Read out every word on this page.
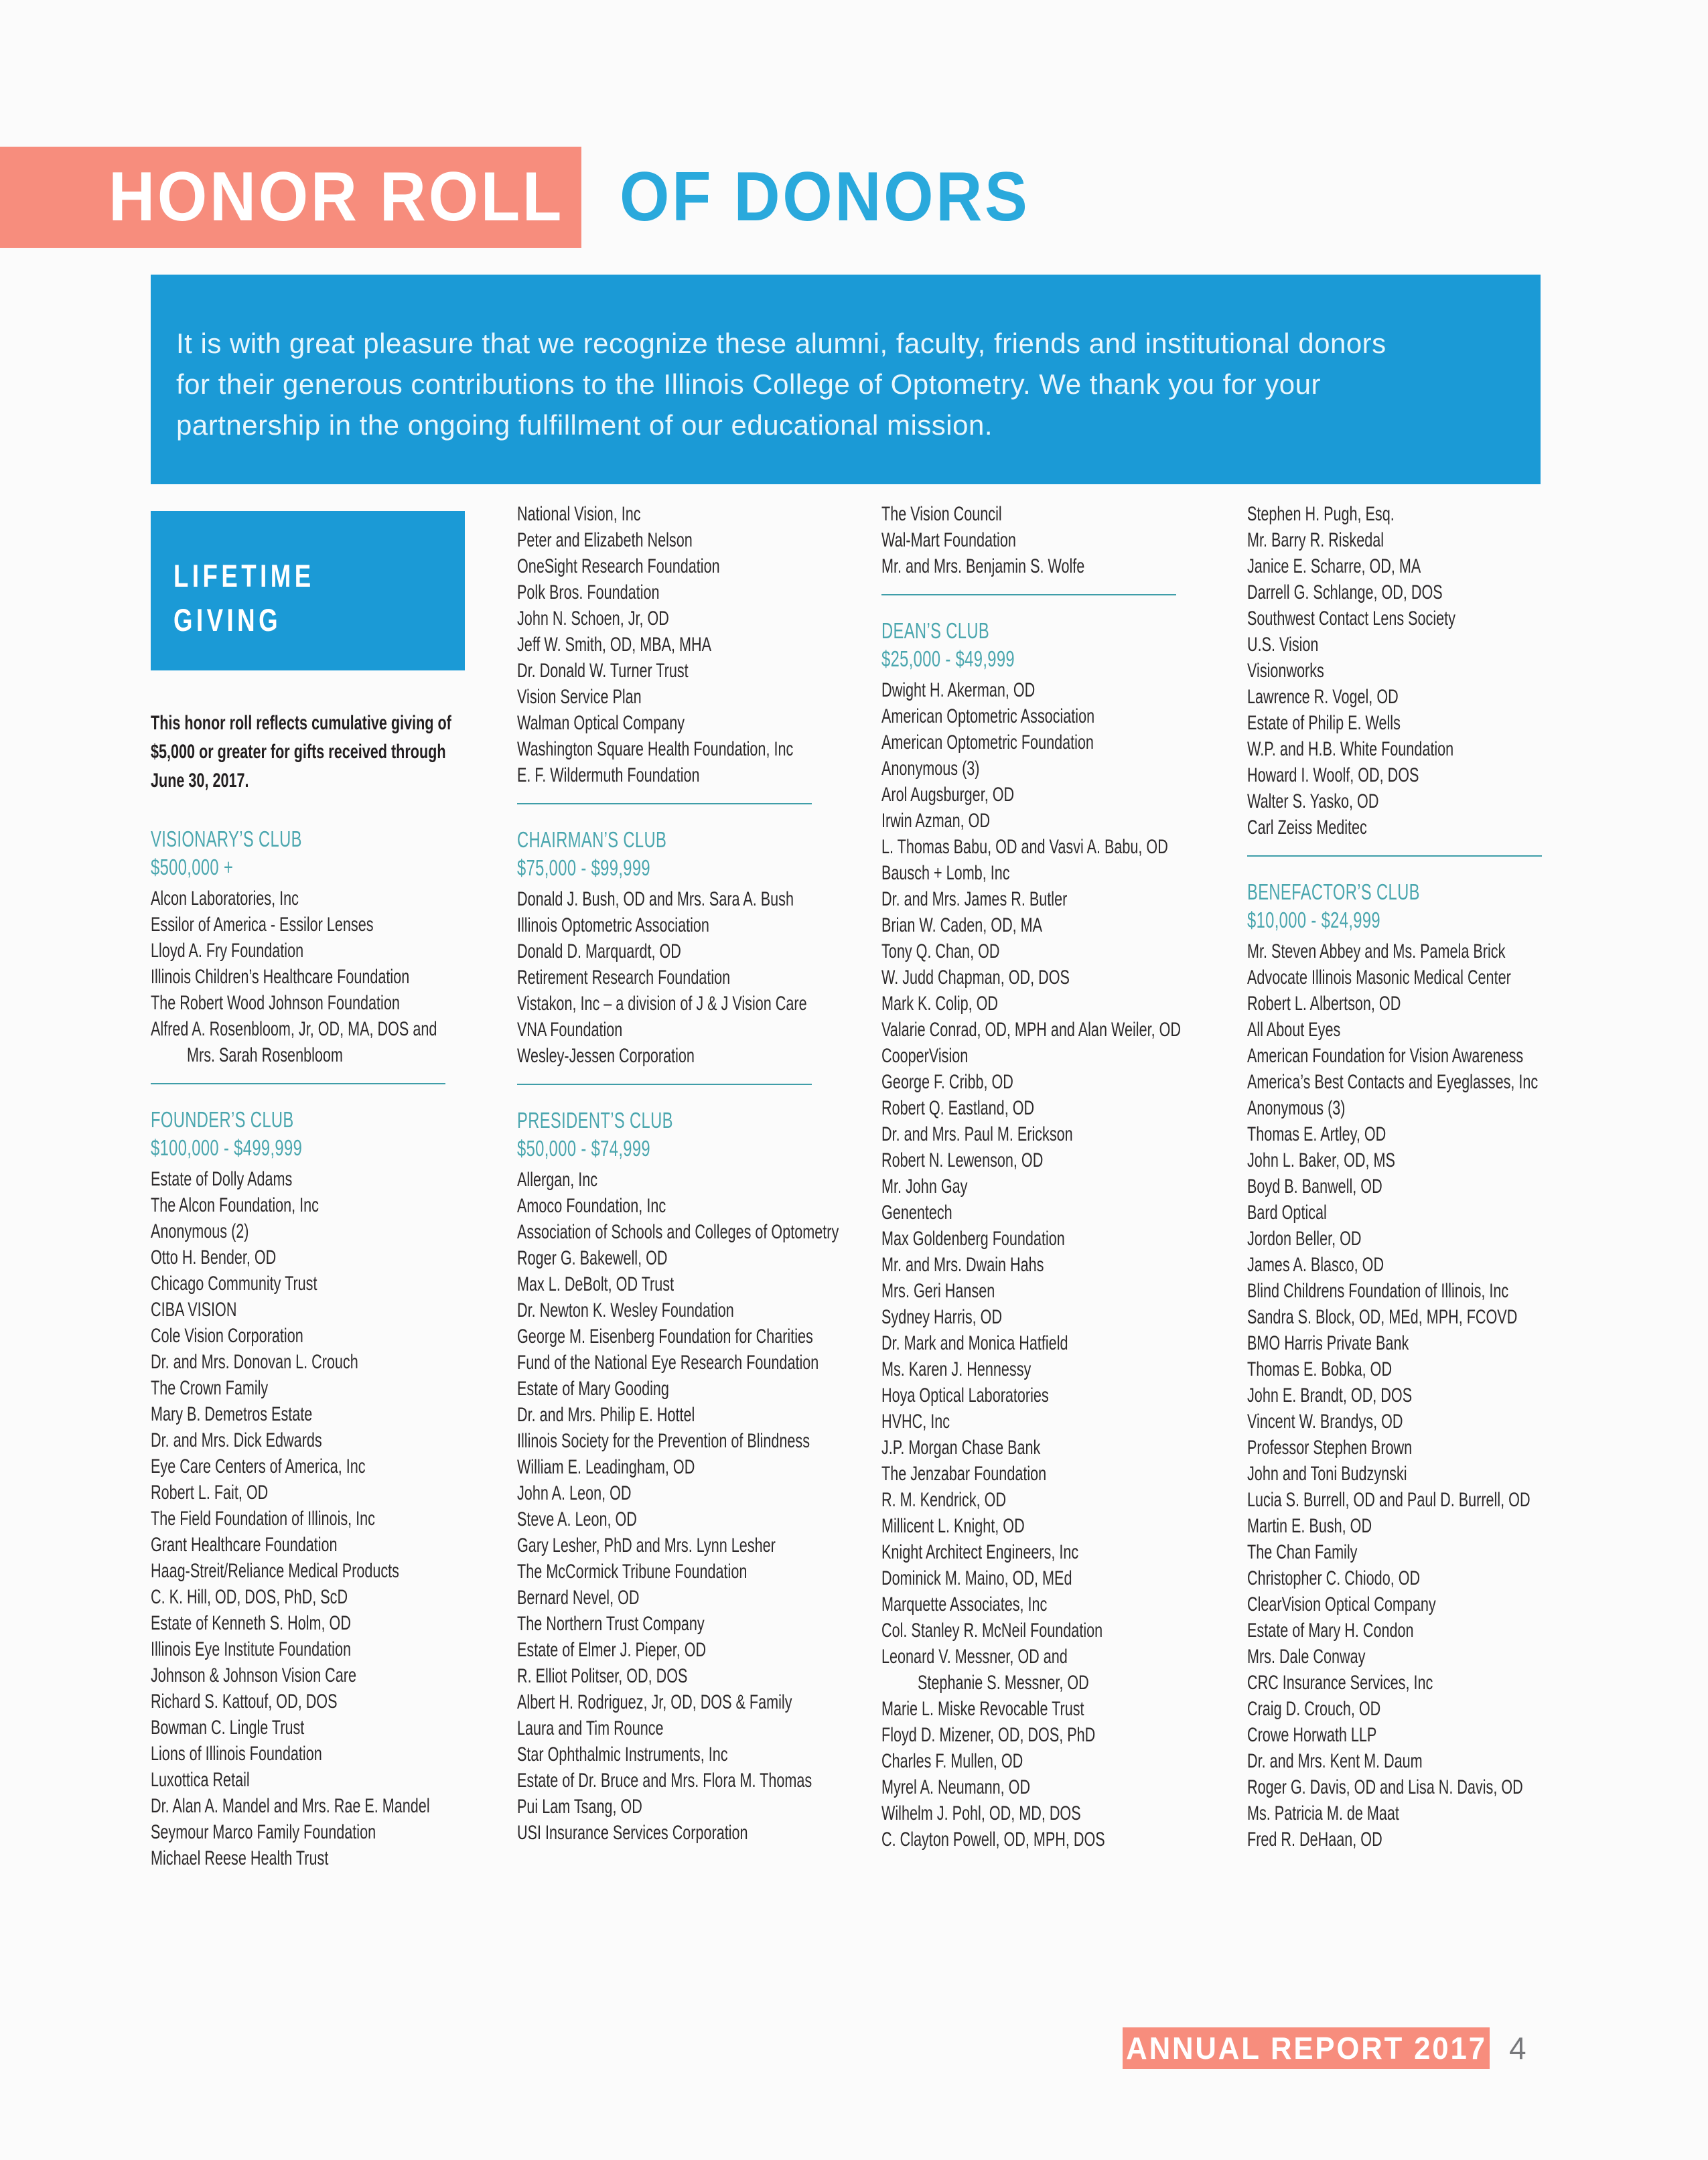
HONOR ROLL OF DONORS
It is with great pleasure that we recognize these alumni, faculty, friends and institutional donors
for their generous contributions to the Illinois College of Optometry. We thank you for your
partnership in the ongoing fulfillment of our educational mission.
LIFETIME
GIVING
This honor roll reflects cumulative giving of
$5,000 or greater for gifts received through
June 30, 2017.
VISIONARY’S CLUB
$500,000 +
Alcon Laboratories, Inc
Essilor of America - Essilor Lenses
Lloyd A. Fry Foundation
Illinois Children’s Healthcare Foundation
The Robert Wood Johnson Foundation
Alfred A. Rosenbloom, Jr, OD, MA, DOS and
Mrs. Sarah Rosenbloom
FOUNDER’S CLUB
$100,000 - $499,999
Estate of Dolly Adams
The Alcon Foundation, Inc
Anonymous (2)
Otto H. Bender, OD
Chicago Community Trust
CIBA VISION
Cole Vision Corporation
Dr. and Mrs. Donovan L. Crouch
The Crown Family
Mary B. Demetros Estate
Dr. and Mrs. Dick Edwards
Eye Care Centers of America, Inc
Robert L. Fait, OD
The Field Foundation of Illinois, Inc
Grant Healthcare Foundation
Haag-Streit/Reliance Medical Products
C. K. Hill, OD, DOS, PhD, ScD
Estate of Kenneth S. Holm, OD
Illinois Eye Institute Foundation
Johnson & Johnson Vision Care
Richard S. Kattouf, OD, DOS
Bowman C. Lingle Trust
Lions of Illinois Foundation
Luxottica Retail
Dr. Alan A. Mandel and Mrs. Rae E. Mandel
Seymour Marco Family Foundation
Michael Reese Health Trust
National Vision, Inc
Peter and Elizabeth Nelson
OneSight Research Foundation
Polk Bros. Foundation
John N. Schoen, Jr, OD
Jeff W. Smith, OD, MBA, MHA
Dr. Donald W. Turner Trust
Vision Service Plan
Walman Optical Company
Washington Square Health Foundation, Inc
E. F. Wildermuth Foundation
CHAIRMAN’S CLUB
$75,000 - $99,999
Donald J. Bush, OD and Mrs. Sara A. Bush
Illinois Optometric Association
Donald D. Marquardt, OD
Retirement Research Foundation
Vistakon, Inc – a division of J & J Vision Care
VNA Foundation
Wesley-Jessen Corporation
PRESIDENT’S CLUB
$50,000 - $74,999
Allergan, Inc
Amoco Foundation, Inc
Association of Schools and Colleges of Optometry
Roger G. Bakewell, OD
Max L. DeBolt, OD Trust
Dr. Newton K. Wesley Foundation
George M. Eisenberg Foundation for Charities
Fund of the National Eye Research Foundation
Estate of Mary Gooding
Dr. and Mrs. Philip E. Hottel
Illinois Society for the Prevention of Blindness
William E. Leadingham, OD
John A. Leon, OD
Steve A. Leon, OD
Gary Lesher, PhD and Mrs. Lynn Lesher
The McCormick Tribune Foundation
Bernard Nevel, OD
The Northern Trust Company
Estate of Elmer J. Pieper, OD
R. Elliot Politser, OD, DOS
Albert H. Rodriguez, Jr, OD, DOS & Family
Laura and Tim Rounce
Star Ophthalmic Instruments, Inc
Estate of Dr. Bruce and Mrs. Flora M. Thomas
Pui Lam Tsang, OD
USI Insurance Services Corporation
The Vision Council
Wal-Mart Foundation
Mr. and Mrs. Benjamin S. Wolfe
DEAN’S CLUB
$25,000 - $49,999
Dwight H. Akerman, OD
American Optometric Association
American Optometric Foundation
Anonymous (3)
Arol Augsburger, OD
Irwin Azman, OD
L. Thomas Babu, OD and Vasvi A. Babu, OD
Bausch + Lomb, Inc
Dr. and Mrs. James R. Butler
Brian W. Caden, OD, MA
Tony Q. Chan, OD
W. Judd Chapman, OD, DOS
Mark K. Colip, OD
Valarie Conrad, OD, MPH and Alan Weiler, OD
CooperVision
George F. Cribb, OD
Robert Q. Eastland, OD
Dr. and Mrs. Paul M. Erickson
Robert N. Lewenson, OD
Mr. John Gay
Genentech
Max Goldenberg Foundation
Mr. and Mrs. Dwain Hahs
Mrs. Geri Hansen
Sydney Harris, OD
Dr. Mark and Monica Hatfield
Ms. Karen J. Hennessy
Hoya Optical Laboratories
HVHC, Inc
J.P. Morgan Chase Bank
The Jenzabar Foundation
R. M. Kendrick, OD
Millicent L. Knight, OD
Knight Architect Engineers, Inc
Dominick M. Maino, OD, MEd
Marquette Associates, Inc
Col. Stanley R. McNeil Foundation
Leonard V. Messner, OD and
Stephanie S. Messner, OD
Marie L. Miske Revocable Trust
Floyd D. Mizener, OD, DOS, PhD
Charles F. Mullen, OD
Myrel A. Neumann, OD
Wilhelm J. Pohl, OD, MD, DOS
C. Clayton Powell, OD, MPH, DOS
Stephen H. Pugh, Esq.
Mr. Barry R. Riskedal
Janice E. Scharre, OD, MA
Darrell G. Schlange, OD, DOS
Southwest Contact Lens Society
U.S. Vision
Visionworks
Lawrence R. Vogel, OD
Estate of Philip E. Wells
W.P. and H.B. White Foundation
Howard I. Woolf, OD, DOS
Walter S. Yasko, OD
Carl Zeiss Meditec
BENEFACTOR’S CLUB
$10,000 - $24,999
Mr. Steven Abbey and Ms. Pamela Brick
Advocate Illinois Masonic Medical Center
Robert L. Albertson, OD
All About Eyes
American Foundation for Vision Awareness
America’s Best Contacts and Eyeglasses, Inc
Anonymous (3)
Thomas E. Artley, OD
John L. Baker, OD, MS
Boyd B. Banwell, OD
Bard Optical
Jordon Beller, OD
James A. Blasco, OD
Blind Childrens Foundation of Illinois, Inc
Sandra S. Block, OD, MEd, MPH, FCOVD
BMO Harris Private Bank
Thomas E. Bobka, OD
John E. Brandt, OD, DOS
Vincent W. Brandys, OD
Professor Stephen Brown
John and Toni Budzynski
Lucia S. Burrell, OD and Paul D. Burrell, OD
Martin E. Bush, OD
The Chan Family
Christopher C. Chiodo, OD
ClearVision Optical Company
Estate of Mary H. Condon
Mrs. Dale Conway
CRC Insurance Services, Inc
Craig D. Crouch, OD
Crowe Horwath LLP
Dr. and Mrs. Kent M. Daum
Roger G. Davis, OD and Lisa N. Davis, OD
Ms. Patricia M. de Maat
Fred R. DeHaan, OD
ANNUAL REPORT 2017 4
